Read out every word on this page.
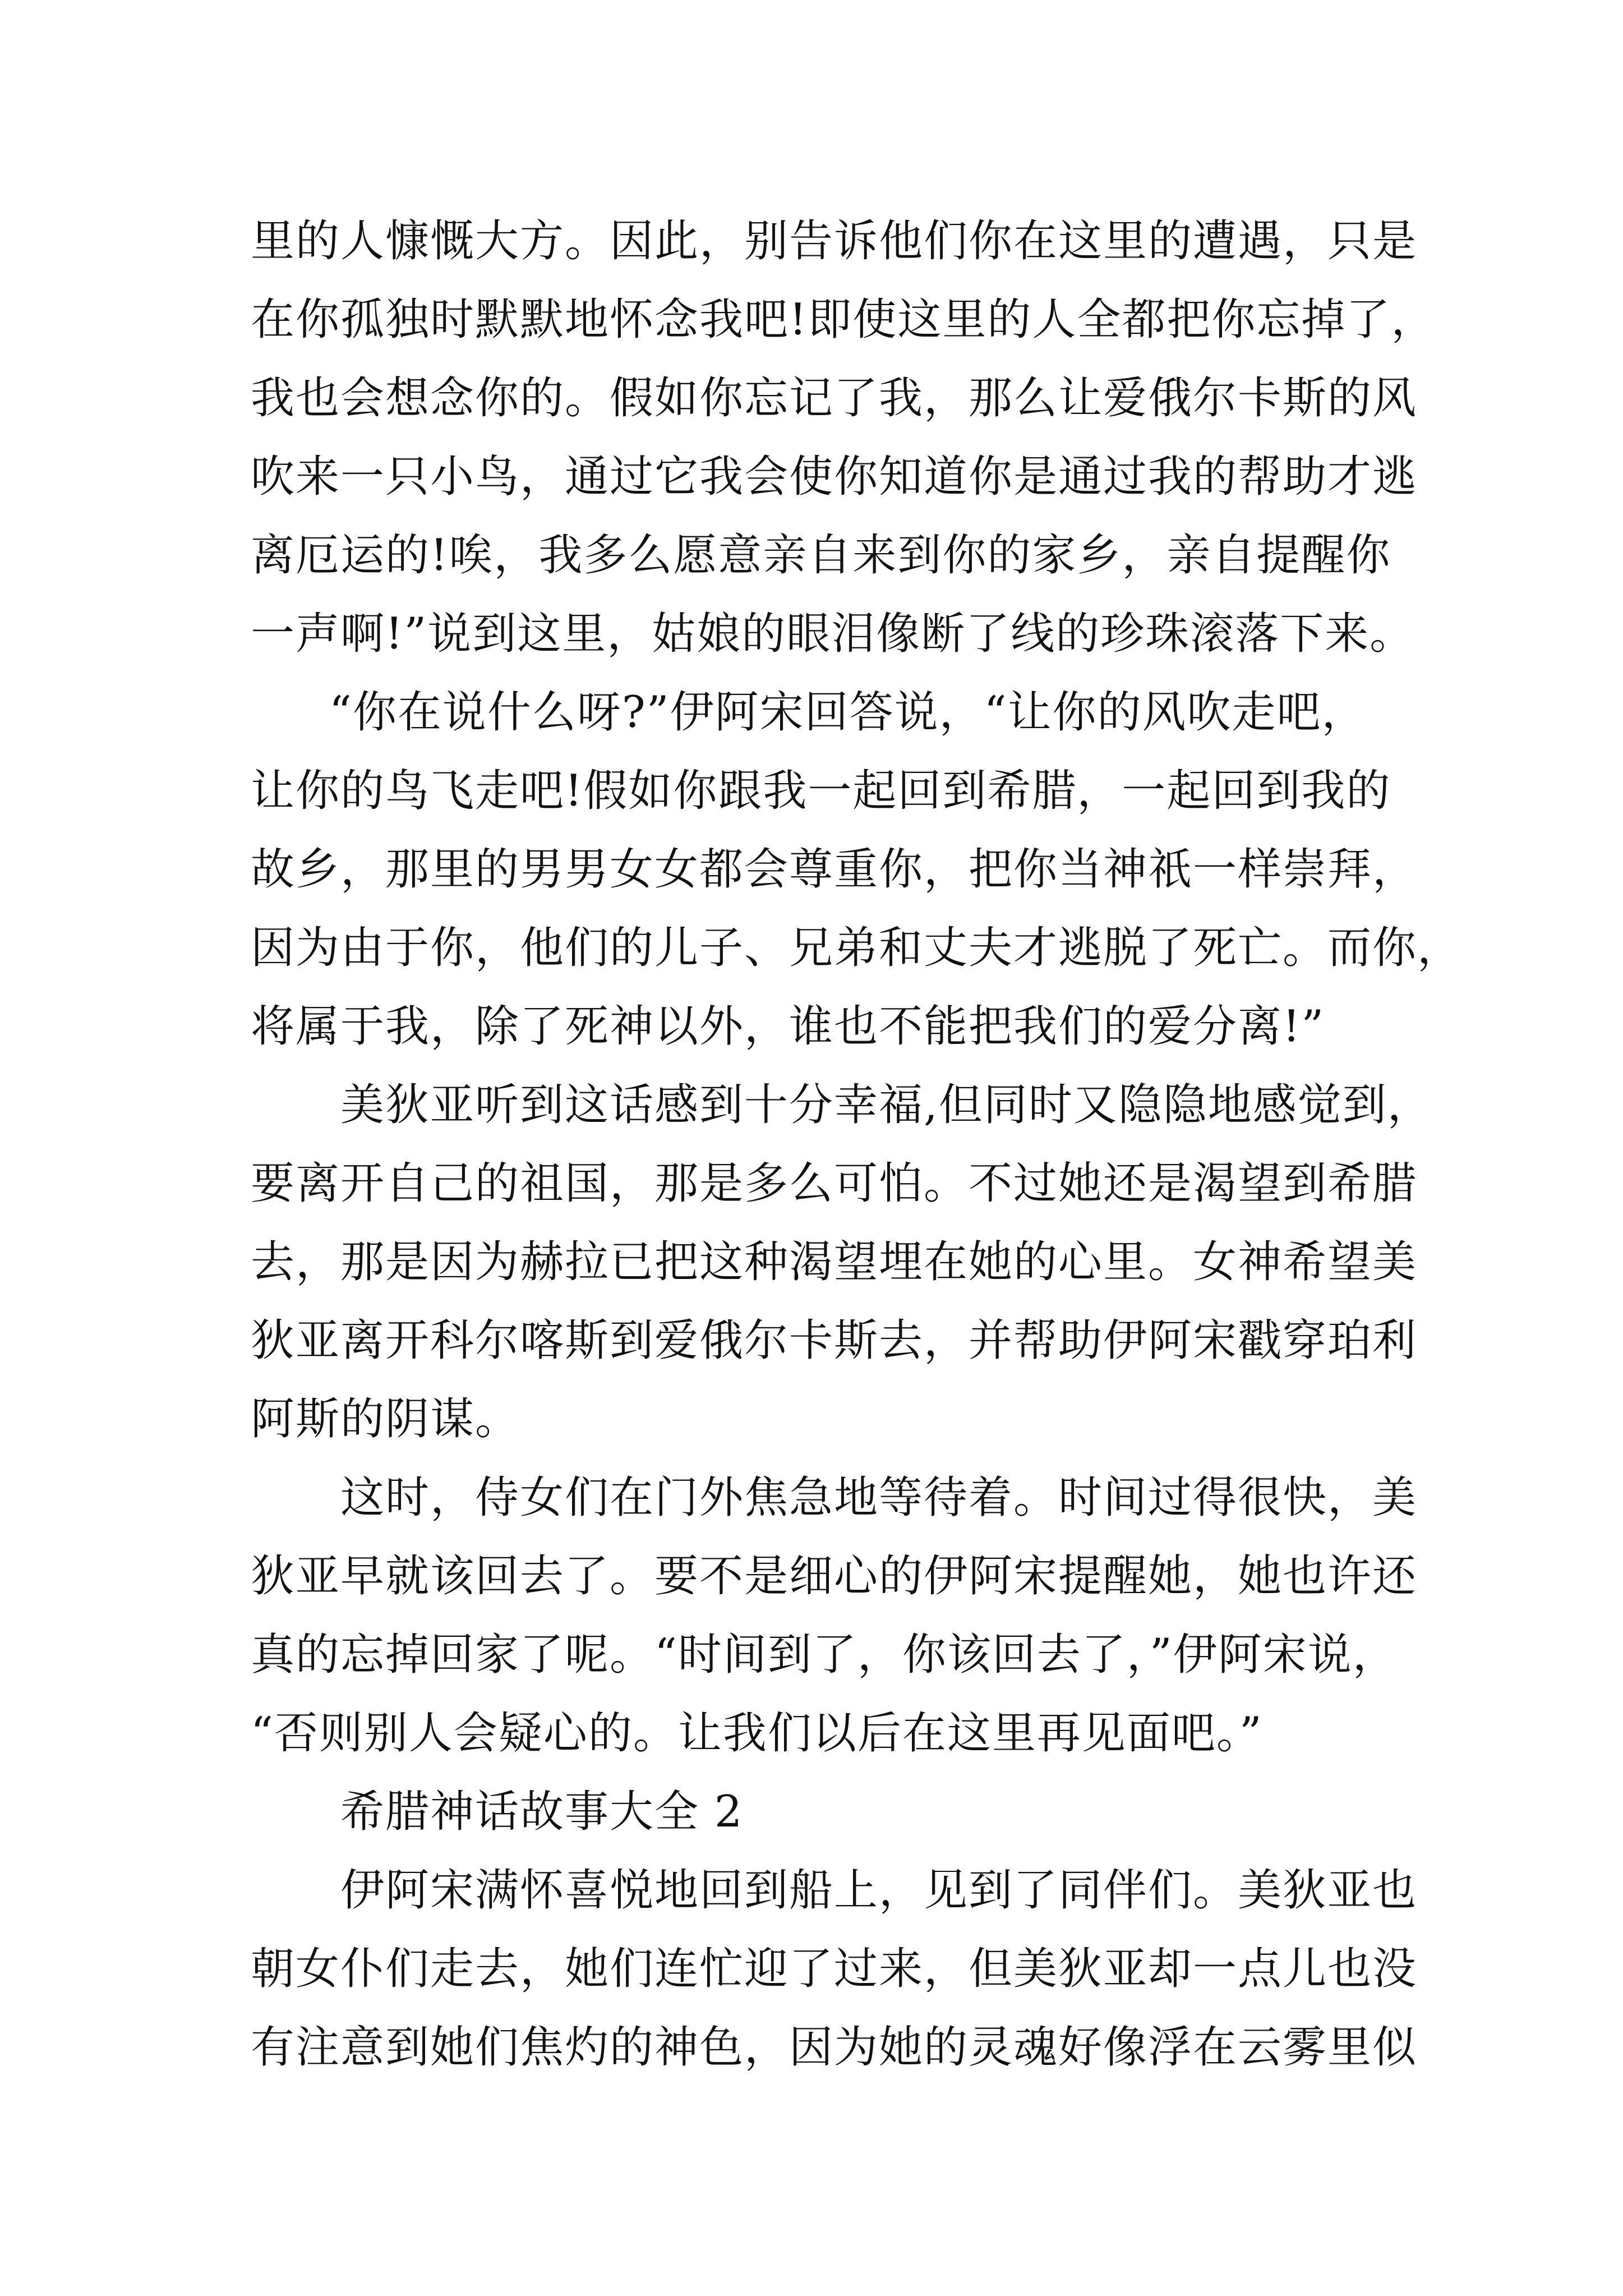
里的人慷慨大方。因此，别告诉他们你在这里的遭遇，只是
在你孤独时默默地怀念我吧!即使这里的人全都把你忘掉了，
我也会想念你的。假如你忘记了我，那么让爱俄尔卡斯的风
吹来一只小鸟，通过它我会使你知道你是通过我的帮助才逃
离厄运的!唉，我多么愿意亲自来到你的家乡，亲自提醒你
一声啊!”说到这里，姑娘的眼泪像断了线的珍珠滚落下来。
“你在说什么呀?”伊阿宋回答说，“让你的风吹走吧，
让你的鸟飞走吧!假如你跟我一起回到希腊，一起回到我的
故乡，那里的男男女女都会尊重你，把你当神祇一样崇拜，
因为由于你，他们的儿子、兄弟和丈夫才逃脱了死亡。而你，
将属于我，除了死神以外，谁也不能把我们的爱分离!”
美狄亚听到这话感到十分幸福,但同时又隐隐地感觉到，
要离开自己的祖国，那是多么可怕。不过她还是渴望到希腊
去，那是因为赫拉已把这种渴望埋在她的心里。女神希望美
狄亚离开科尔喀斯到爱俄尔卡斯去，并帮助伊阿宋戳穿珀利
阿斯的阴谋。
这时，侍女们在门外焦急地等待着。时间过得很快，美
狄亚早就该回去了。要不是细心的伊阿宋提醒她，她也许还
真的忘掉回家了呢。“时间到了，你该回去了，”伊阿宋说，
“否则别人会疑心的。让我们以后在这里再见面吧。”
希腊神话故事大全 2
伊阿宋满怀喜悦地回到船上，见到了同伴们。美狄亚也
朝女仆们走去，她们连忙迎了过来，但美狄亚却一点儿也没
有注意到她们焦灼的神色，因为她的灵魂好像浮在云雾里似
